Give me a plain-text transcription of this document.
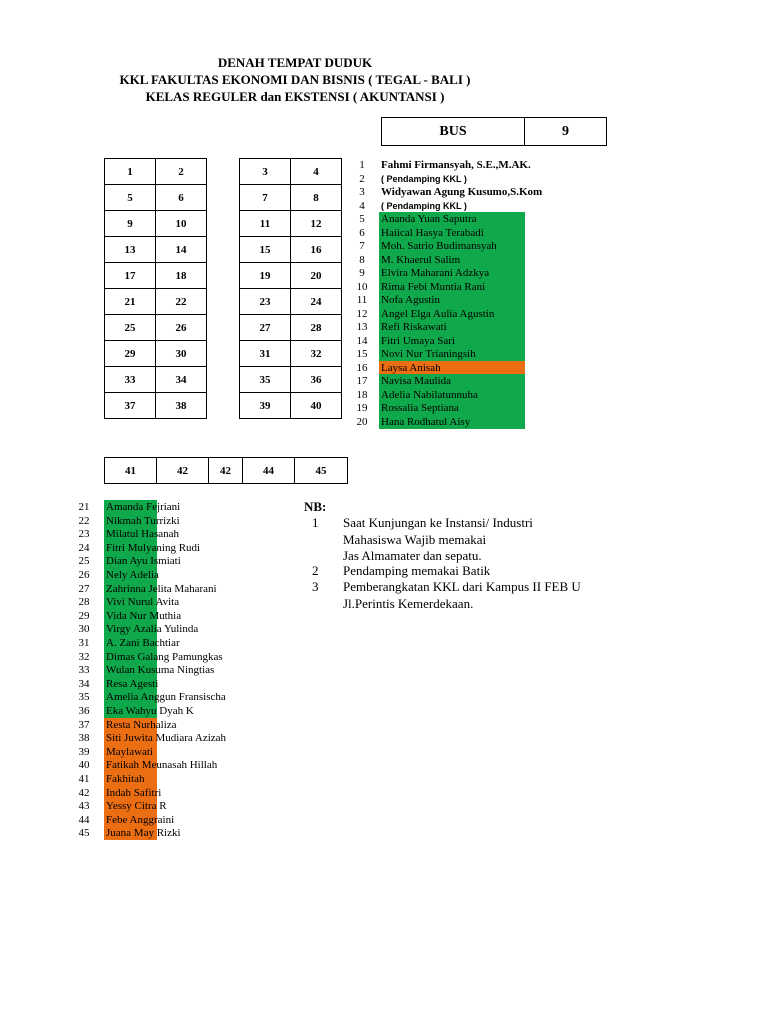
DENAH TEMPAT DUDUK
KKL FAKULTAS EKONOMI DAN BISNIS ( TEGAL - BALI )
KELAS REGULER dan EKSTENSI ( AKUNTANSI )
BUS	9
1	2
5	6
9	10
13	14
17	18
21	22
25	26
29	30
33	34
37	38
3	4
7	8
11	12
15	16
19	20
23	24
27	28
31	32
35	36
39	40
41	42	42	44	45
1	Fahmi Firmansyah, S.E.,M.AK.
2	( Pendamping KKL )
3	Widyawan Agung Kusumo,S.Kom
4	( Pendamping KKL )
5	Ananda Yuan Saputra
6	Haiical Hasya Terabadi
7	Moh. Satrio Budimansyah
8	M. Khaerul Salim
9	Elvira Maharani Adzkya
10	Rima Febi Muntia Rani
11	Nofa Agustin
12	Angel Elga Aulia Agustin
13	Refi Riskawati
14	Fitri Umaya Sari
15	Novi Nur Trianingsih
16	Laysa Anisah
17	Navisa Maulida
18	Adelia Nabilatunnuha
19	Rossalia Septiana
20	Hana Rodhatul Aisy
21	Amanda Fejriani
22	Nikmah Turrizki
23	Milatul Hasanah
24	Fitri Mulyaning Rudi
25	Dian Ayu Ismiati
26	Nely Adelia
27	Zahrinna Jelita Maharani
28	Vivi Nurul Avita
29	Vida Nur Muthia
30	Virgy Azalia Yulinda
31	A. Zani Bachtiar
32	Dimas Galang Pamungkas
33	Wulan Kusuma Ningtias
34	Resa Agesti
35	Amelia Anggun Fransischa
36	Eka Wahyu Dyah K
37	Resta Nurhaliza
38	Siti Juwita Mudiara Azizah
39	Maylawati
40	Fatikah Meunasah Hillah
41	Fakhitah
42	Indah Safitri
43	Yessy Citra R
44	Febe Anggraini
45	Juana May Rizki
NB:
1 Saat Kunjungan ke Instansi/ Industri
Mahasiswa Wajib memakai
Jas Almamater dan sepatu.
2 Pendamping memakai Batik
3 Pemberangkatan KKL dari Kampus II FEB U
Jl.Perintis Kemerdekaan.
